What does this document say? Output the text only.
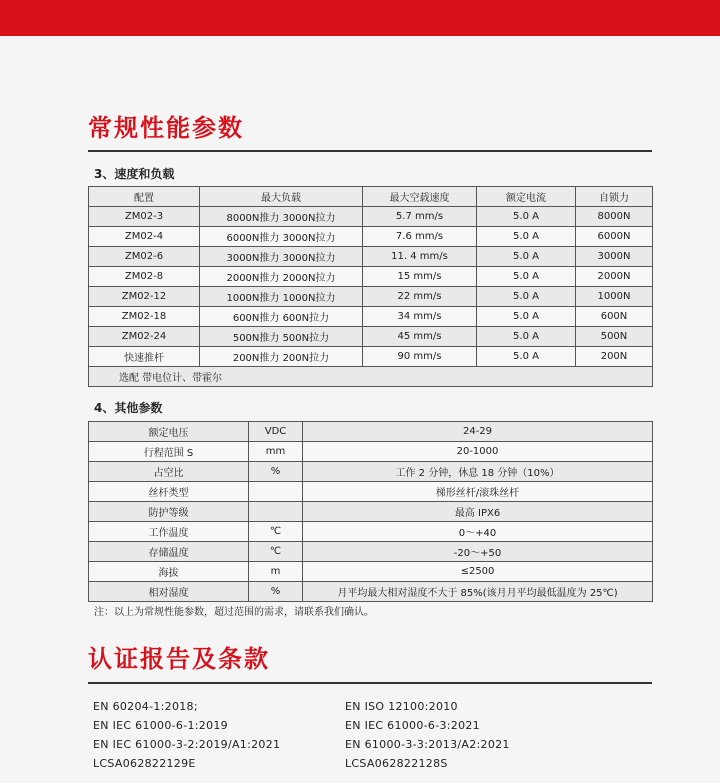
常规性能参数
3、速度和负载
配置	最大负载	最大空载速度	额定电流	自锁力
ZM02-3	8000N推力 3000N拉力	5.7 mm/s	5.0 A	8000N
ZM02-4	6000N推力 3000N拉力	7.6 mm/s	5.0 A	6000N
ZM02-6	3000N推力 3000N拉力	11. 4 mm/s	5.0 A	3000N
ZM02-8	2000N推力 2000N拉力	15 mm/s	5.0 A	2000N
ZM02-12	1000N推力 1000N拉力	22 mm/s	5.0 A	1000N
ZM02-18	600N推力 600N拉力	34 mm/s	5.0 A	600N
ZM02-24	500N推力 500N拉力	45 mm/s	5.0 A	500N
快速推杆	200N推力 200N拉力	90 mm/s	5.0 A	200N
选配 带电位计、带霍尔				
4、其他参数
额定电压	VDC	24-29
行程范围 S	mm	20-1000
占空比	%	工作 2 分钟，休息 18 分钟（10%）
丝杆类型		梯形丝杆/滚珠丝杆
防护等级		最高 IPX6
工作温度	℃	0～+40
存储温度	℃	-20～+50
海拔	m	≤2500
相对湿度	%	月平均最大相对湿度不大于 85%(该月月平均最低温度为 25℃)
注：以上为常规性能参数，超过范围的需求，请联系我们确认。
认证报告及条款
EN 60204-1:2018;
EN IEC 61000-6-1:2019
EN IEC 61000-3-2:2019/A1:2021
LCSA062822129E
EN ISO 12100:2010
EN IEC 61000-6-3:2021
EN 61000-3-3:2013/A2:2021
LCSA062822128S
